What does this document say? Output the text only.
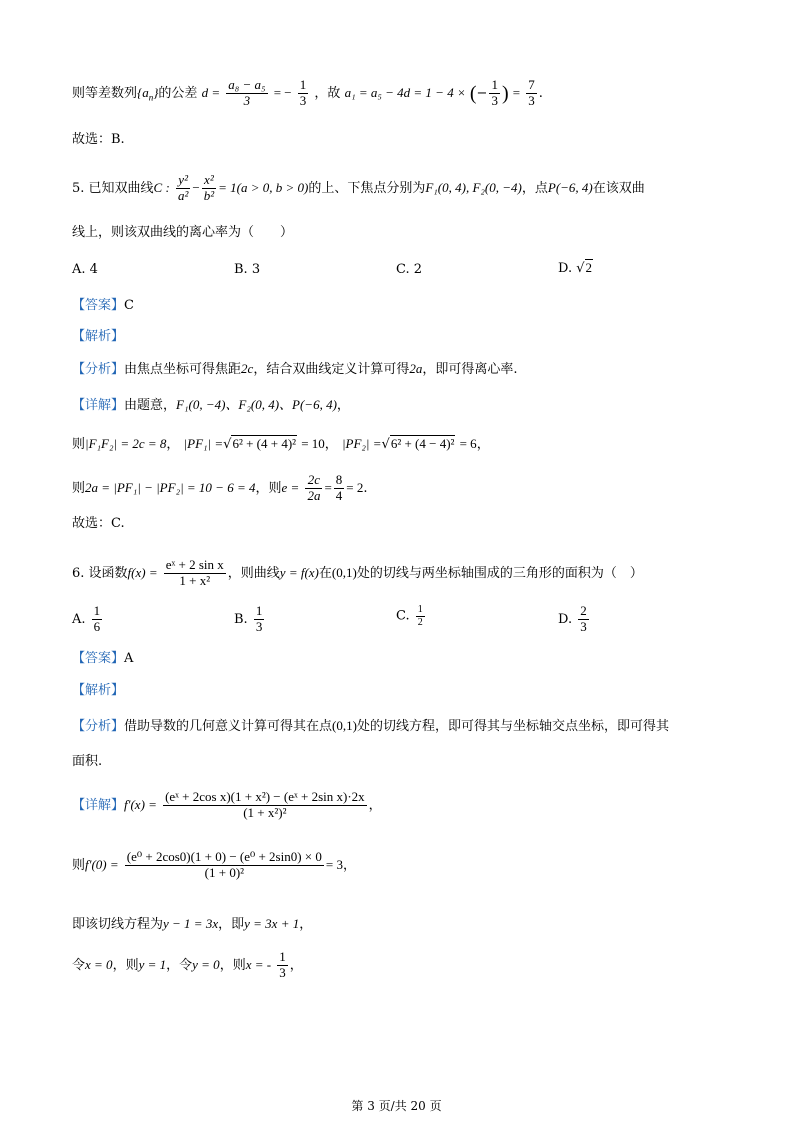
则等差数列$\{a_n\}$的公差 $d = \frac{\text{a₈ − a₅}}{3}$ = − $\frac{1}{3}$ ，故 a₁ = a₅ − 4d = 1 − 4 × (− $\frac{1}{3}$ ) = $\frac{7}{3}$ .
故选：B.
5. 已知双曲线C : $\frac{\text{y²}}{\text{a²}} - \frac{\text{x²}}{\text{b²}} = 1(a > 0$, b > 0)的上、下焦点分别为F₁(0, 4), F₂(0, −4)，点P(−6, 4)在该双曲
线上，则该双曲线的离心率为（　　）
A. 4	B. 3	C. 2	D. √2
【答案】C
【解析】
【分析】由焦点坐标可得焦距2c，结合双曲线定义计算可得2a，即可得离心率.
【详解】由题意，F₁(0, −4)、F₂(0, 4)、P(−6, 4)，
则|F₁F₂| = 2c = 8， |PF₁| =√6² + (4 + 4)² = 10， |PF₂| =√6² + (4 − 4)² = 6，
则2a = |PF₁| − |PF₂| = 10 − 6 = 4，则$e = \frac{2c}{2a} = \frac{8}{4} = 2$.
故选：C.
6. 设函数$f(x) = \frac{\text{eˣ + 2 sin x}}{\text{1 + x²}}$ ，则曲线y = f(x)在(0,1)处的切线与两坐标轴围成的三角形的面积为（　）
A. $\frac{1}{6}$	B. $\frac{1}{3}$	C. $\frac{1}{2}$	D. $\frac{2}{3}$
【答案】A
【解析】
【分析】借助导数的几何意义计算可得其在点(0,1)处的切线方程，即可得其与坐标轴交点坐标，即可得其
面积.
【详解】$f'(x) = \frac{\text{(eˣ + 2cos x)(1 + x²) − (eˣ + 2sin x)·2x}}{\text{(1 + x²)²}}$ ，
则$f'(0) = \frac{\text{(e⁰ + 2cos0)(1 + 0) − (e⁰ + 2sin0) × 0}}{\text{(1 + 0)²}} = 3$，
即该切线方程为y − 1 = 3x，即y = 3x + 1，
令x = 0，则y = 1，令y = 0，则x = - $\frac{1}{3}$ ，
第 3 页/共 20 页
